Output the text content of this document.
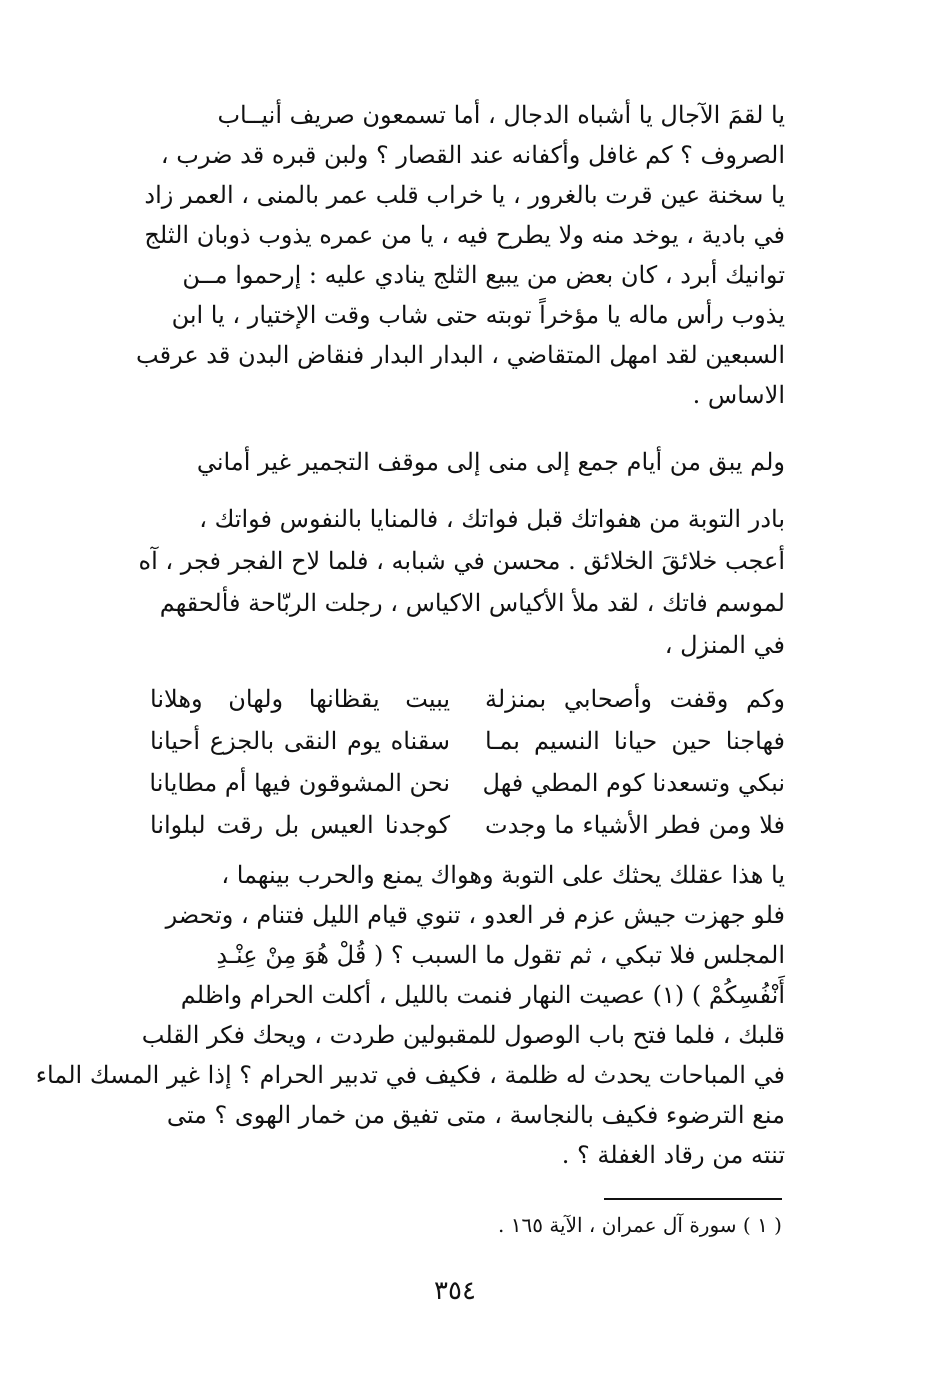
يا لقمَ الآجال يا أشباه الدجال ، أما تسمعون صريف أنيــاب
الصروف ؟ كم غافل وأكفانه عند القصار ؟ ولبن قبره قد ضرب ،
يا سخنة عين قرت بالغرور ، يا خراب قلب عمر بالمنى ، العمر زاد
في بادية ، يوخد منه ولا يطرح فيه ، يا من عمره يذوب ذوبان الثلج
توانيك أبرد ، كان بعض من يبيع الثلج ينادي عليه : إرحموا مــن
يذوب رأس ماله يا مؤخراً توبته حتى شاب وقت الإختيار ، يا ابن
السبعين لقد امهل المتقاضي ، البدار البدار فنقاض البدن قد عرقب
الاساس .
ولم يبق من أيام جمع إلى منى إلى موقف التجمير غير أماني
بادر التوبة من هفواتك قبل فواتك ، فالمنايا بالنفوس فواتك ،
أعجب خلائقَ الخلائق . محسن في شبابه ، فلما لاح الفجر فجر ، آه
لموسم فاتك ، لقد ملأ الأكياس الاكياس ، رجلت الربّاحة فألحقهم
في المنزل ،
وكم وقفت وأصحابي بمنزلة
يبيت يقظانها ولهان وهلانا
فهاجنا حين حيانا النسيم بمـا
سقناه يوم النقى بالجزع أحيانا
نبكي وتسعدنا كوم المطي فهل
نحن المشوقون فيها أم مطايانا
فلا ومن فطر الأشياء ما وجدت
كوجدنا العيس بل رقت لبلوانا
يا هذا عقلك يحثك على التوبة وهواك يمنع والحرب بينهما ،
فلو جهزت جيش عزم فر العدو ، تنوي قيام الليل فتنام ، وتحضر
المجلس فلا تبكي ، ثم تقول ما السبب ؟ ( قُلْ هُوَ مِنْ عِنْـدِ
أَنْفُسِكُمْ ) (١) عصيت النهار فنمت بالليل ، أكلت الحرام واظلم
قلبك ، فلما فتح باب الوصول للمقبولين طردت ، ويحك فكر القلب
في المباحات يحدث له ظلمة ، فكيف في تدبير الحرام ؟ إذا غير المسك الماء
منع الترضوء فكيف بالنجاسة ، متى تفيق من خمار الهوى ؟ متى
تنته من رقاد الغفلة ؟ .
( ١ ) سورة آل عمران ، الآية ١٦٥ .
٣٥٤
